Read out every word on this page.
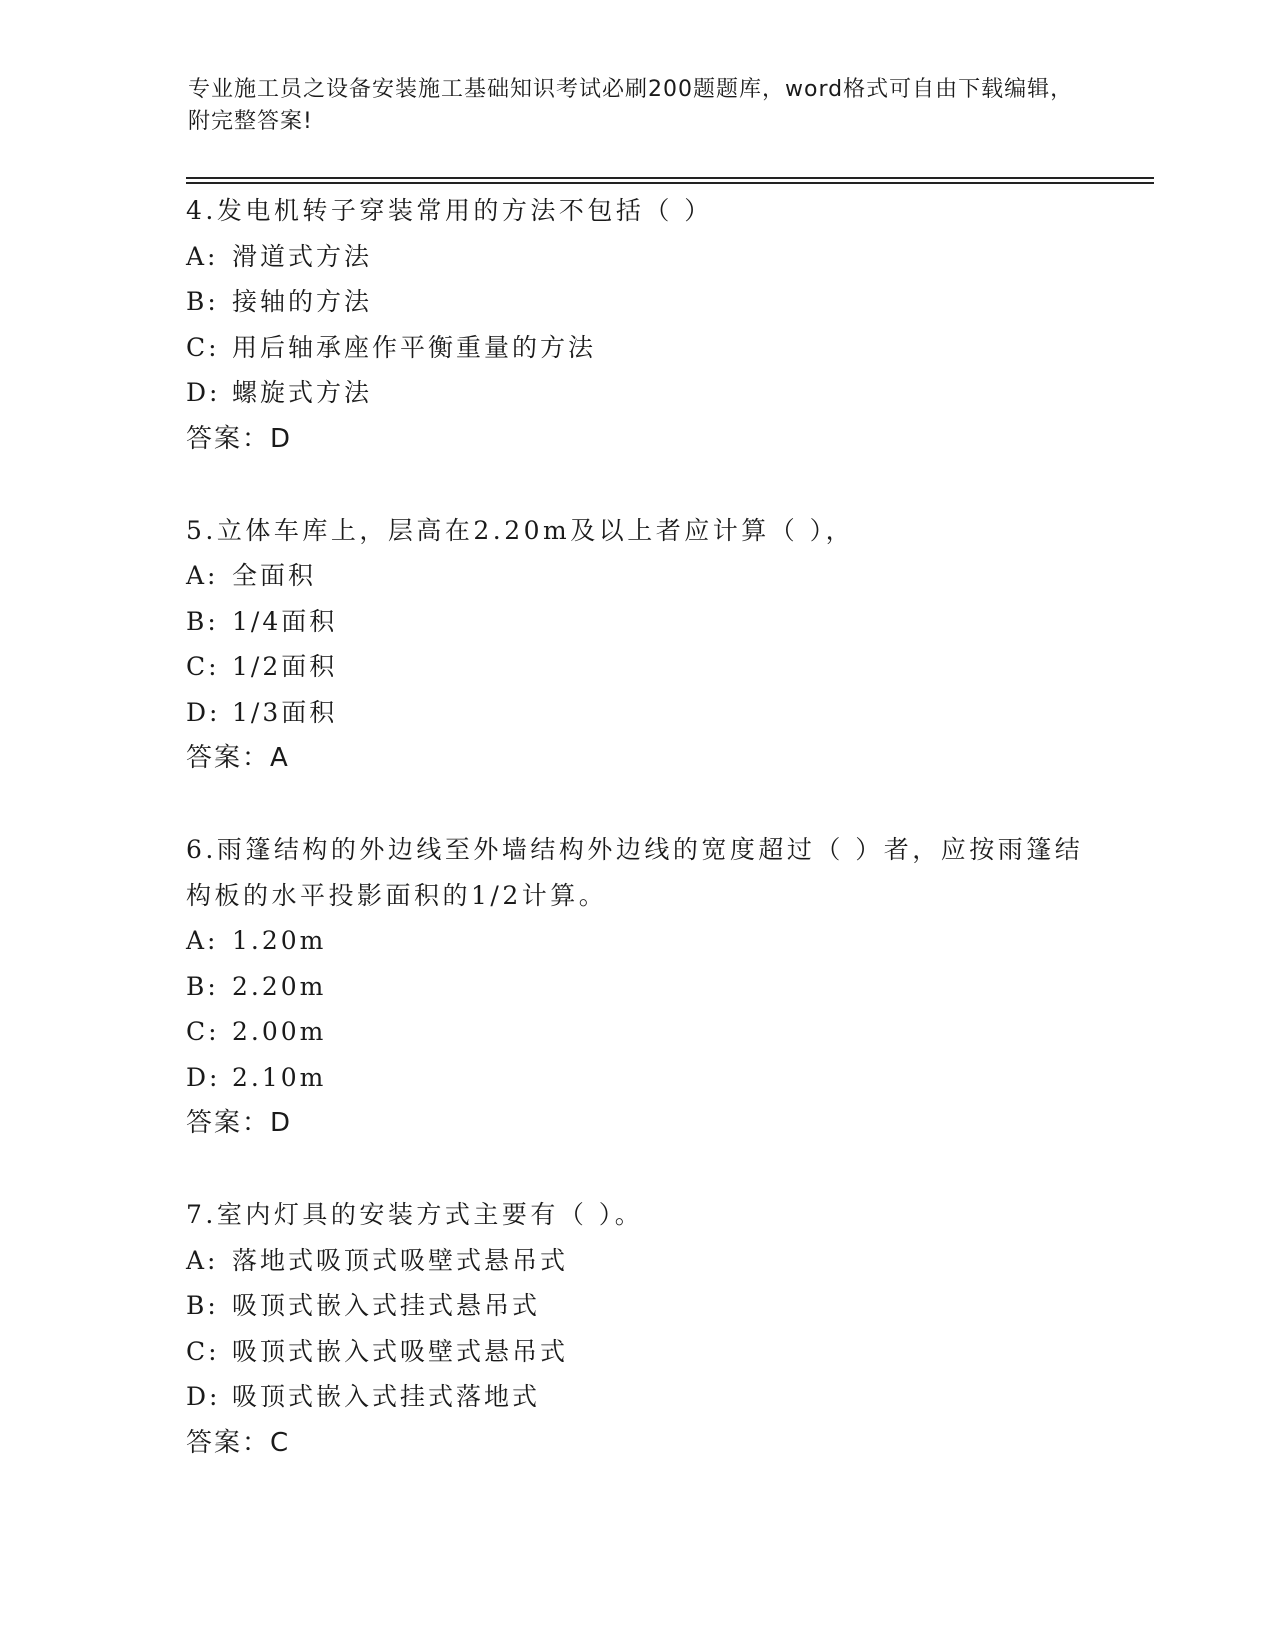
专业施工员之设备安装施工基础知识考试必刷200题题库，word格式可自由下载编辑，附完整答案!

4.发电机转子穿装常用的方法不包括（ ）

A: 滑道式方法

B: 接轴的方法

C: 用后轴承座作平衡重量的方法

D: 螺旋式方法

答案：D

5.立体车库上，层高在2.20m及以上者应计算（ ），

A: 全面积

B: 1/4面积

C: 1/2面积

D: 1/3面积

答案：A

6.雨篷结构的外边线至外墙结构外边线的宽度超过（ ）者，应按雨篷结构板的水平投影面积的1/2计算。

A: 1.20m

B: 2.20m

C: 2.00m

D: 2.10m

答案：D

7.室内灯具的安装方式主要有（ ）。

A: 落地式吸顶式吸壁式悬吊式

B: 吸顶式嵌入式挂式悬吊式

C: 吸顶式嵌入式吸壁式悬吊式

D: 吸顶式嵌入式挂式落地式

答案：C
